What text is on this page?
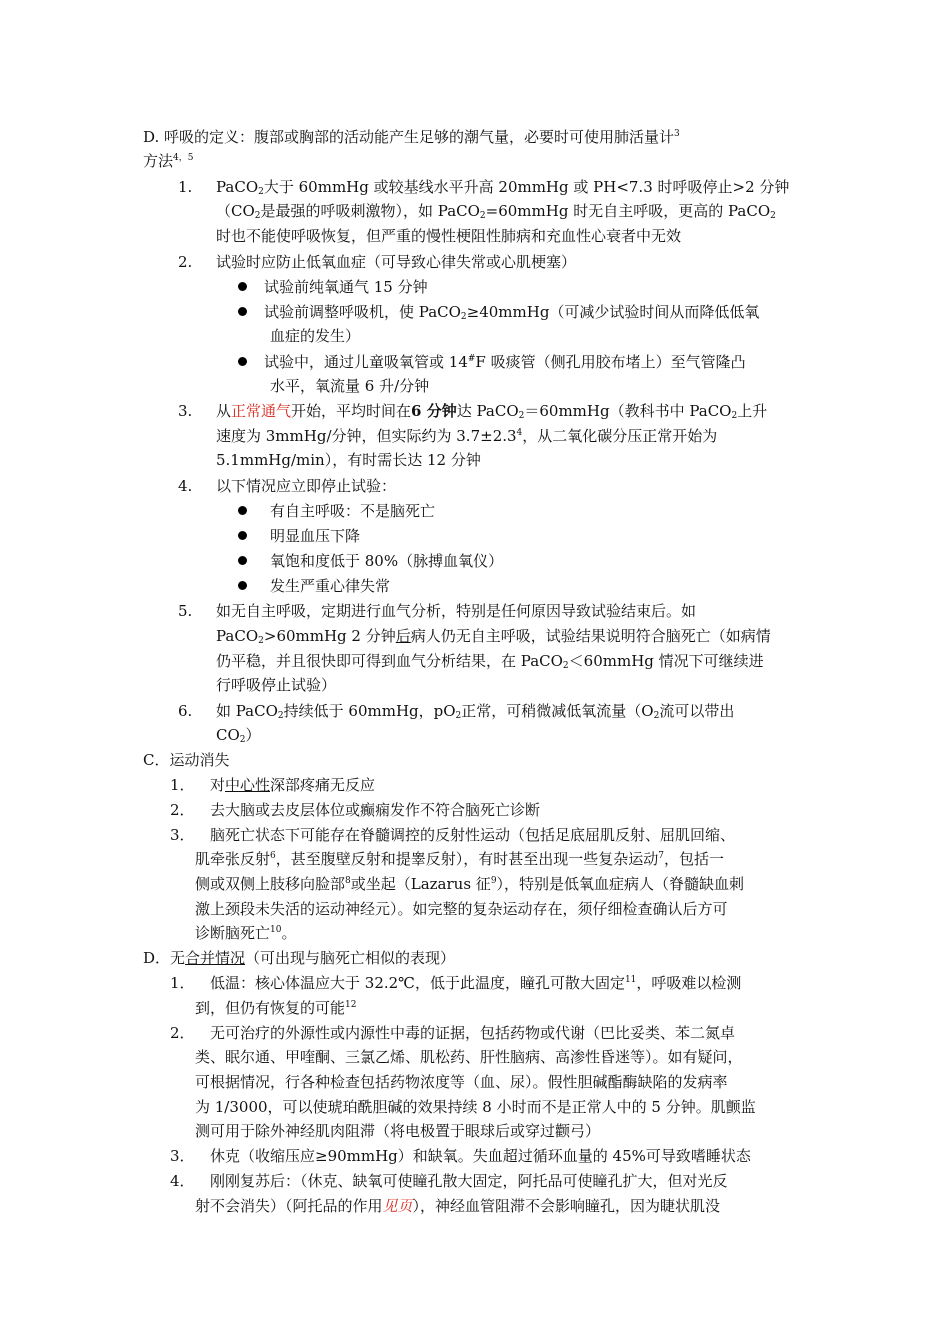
D. 呼吸的定义：腹部或胸部的活动能产生足够的潮气量，必要时可使用肺活量计$^3$
方法$^{4,5}$
1. PaCO$_2$大于 60mmHg 或较基线水平升高 20mmHg 或 PH<7.3 时呼吸停止>2 分钟
（$CO_2$是最强的呼吸刺激物），如 PaCO$_2$=60mmHg 时无自主呼吸，更高的 PaCO$_2$
时也不能使呼吸恢复，但严重的慢性梗阻性肺病和充血性心衰者中无效
2. 试验时应防止低氧血症（可导致心律失常或心肌梗塞）
试验前纯氧通气 15 分钟
试验前调整呼吸机，使 PaCO$_2$≥40mmHg（可减少试验时间从而降低低氧
血症的发生）
试验中，通过儿童吸氧管或 14#F 吸痰管（侧孔用胶布堵上）至气管隆凸
水平，氧流量 6 升/分钟
3. 从正常通气开始，平均时间在6 分钟达 PaCO$_2$＝60mmHg（教科书中 PaCO$_2$上升
速度为 3mmHg/分钟，但实际约为 $3.7\pm 2.3^4$，从二氧化碳分压正常开始为
5.1mmHg/min），有时需长达 12 分钟
4. 以下情况应立即停止试验：
有自主呼吸：不是脑死亡
明显血压下降
氧饱和度低于 80%（脉搏血氧仪）
发生严重心律失常
5. 如无自主呼吸，定期进行血气分析，特别是任何原因导致试验结束后。如
PaCO$_2$>60mmHg 2 分钟后病人仍无自主呼吸，试验结果说明符合脑死亡（如病情
仍平稳，并且很快即可得到血气分析结果，在 PaCO$_2$＜60mmHg 情况下可继续进
行呼吸停止试验）
6. 如 PaCO$_2$持续低于 60mmHg，$pO_2$正常，可稍微减低氧流量（$O_2$流可以带出
$CO_2$）
C．运动消失
1． 对中心性深部疼痛无反应
2． 去大脑或去皮层体位或癫痫发作不符合脑死亡诊断
3． 脑死亡状态下可能存在脊髓调控的反射性运动（包括足底屈肌反射、屈肌回缩、
肌牵张反射$^6$，甚至腹壁反射和提睾反射），有时甚至出现一些复杂运动$^7$，包括一
侧或双侧上肢移向脸部$^8$或坐起（Lazarus 征$^9$），特别是低氧血症病人（脊髓缺血刺
激上颈段未失活的运动神经元）。如完整的复杂运动存在，须仔细检查确认后方可
诊断脑死亡$^{10}$。
D．无合并情况（可出现与脑死亡相似的表现）
1． 低温：核心体温应大于 32.2℃，低于此温度，瞳孔可散大固定$^{11}$，呼吸难以检测
到，但仍有恢复的可能$^{12}$
2． 无可治疗的外源性或内源性中毒的证据，包括药物或代谢（巴比妥类、苯二氮卓
类、眠尔通、甲喹酮、三氯乙烯、肌松药、肝性脑病、高渗性昏迷等）。如有疑问，
可根据情况，行各种检查包括药物浓度等（血、尿）。假性胆碱酯酶缺陷的发病率
为 1/3000，可以使琥珀酰胆碱的效果持续 8 小时而不是正常人中的 5 分钟。肌颤监
测可用于除外神经肌肉阻滞（将电极置于眼球后或穿过颧弓）
3． 休克（收缩压应≥90mmHg）和缺氧。失血超过循环血量的 45%可导致嗜睡状态
4． 刚刚复苏后：（休克、缺氧可使瞳孔散大固定，阿托品可使瞳孔扩大，但对光反
射不会消失）（阿托品的作用见页），神经血管阻滞不会影响瞳孔，因为睫状肌没
